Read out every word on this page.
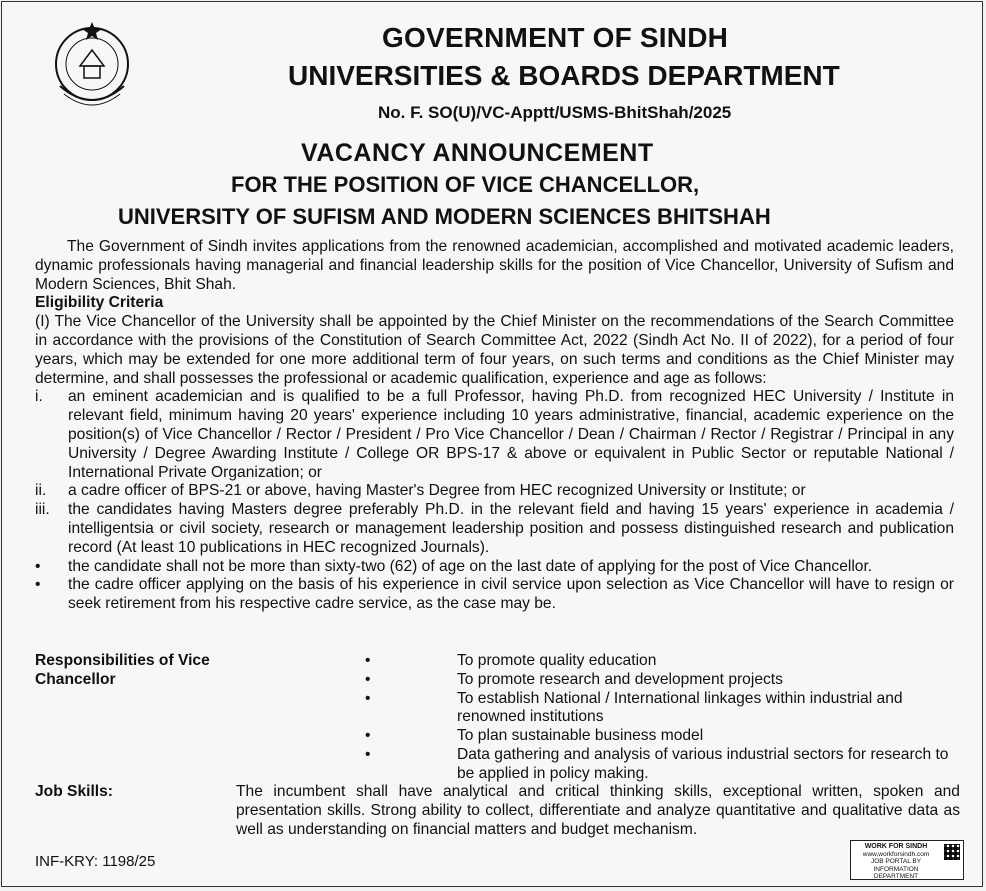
GOVERNMENT OF SINDH
UNIVERSITIES & BOARDS DEPARTMENT
No. F. SO(U)/VC-Apptt/USMS-BhitShah/2025
VACANCY ANNOUNCEMENT
FOR THE POSITION OF VICE CHANCELLOR,
UNIVERSITY OF SUFISM AND MODERN SCIENCES BHITSHAH

The Government of Sindh invites applications from the renowned academician, accomplished and motivated academic leaders, dynamic professionals having managerial and financial leadership skills for the position of Vice Chancellor, University of Sufism and Modern Sciences, Bhit Shah.

Eligibility Criteria

(I) The Vice Chancellor of the University shall be appointed by the Chief Minister on the recommendations of the Search Committee in accordance with the provisions of the Constitution of Search Committee Act, 2022 (Sindh Act No. II of 2022), for a period of four years, which may be extended for one more additional term of four years, on such terms and conditions as the Chief Minister may determine, and shall possesses the professional or academic qualification, experience and age as follows:

i.	an eminent academician and is qualified to be a full Professor, having Ph.D. from recognized HEC University / Institute in relevant field, minimum having 20 years' experience including 10 years administrative, financial, academic experience on the position(s) of Vice Chancellor / Rector / President / Pro Vice Chancellor / Dean / Chairman / Rector / Registrar / Principal in any University / Degree Awarding Institute / College OR BPS-17 & above or equivalent in Public Sector or reputable National / International Private Organization; or
ii.	a cadre officer of BPS-21 or above, having Master's Degree from HEC recognized University or Institute; or
iii.	the candidates having Masters degree preferably Ph.D. in the relevant field and having 15 years' experience in academia / intelligentsia or civil society, research or management leadership position and possess distinguished research and publication record (At least 10 publications in HEC recognized Journals).
•	the candidate shall not be more than sixty-two (62) of age on the last date of applying for the post of Vice Chancellor.
•	the cadre officer applying on the basis of his experience in civil service upon selection as Vice Chancellor will have to resign or seek retirement from his respective cadre service, as the case may be.
Responsibilities of Vice
Chancellor
•	To promote quality education
•	To promote research and development projects
•	To establish National / International linkages within industrial and renowned institutions
•	To plan sustainable business model
•	Data gathering and analysis of various industrial sectors for research to be applied in policy making.
Job Skills:	The incumbent shall have analytical and critical thinking skills, exceptional written, spoken and presentation skills. Strong ability to collect, differentiate and analyze quantitative and qualitative data as well as understanding on financial matters and budget mechanism.
INF-KRY: 1198/25
WORK FOR SINDH
www.workforsindh.com
JOB PORTAL BY
INFORMATION DEPARTMENT
